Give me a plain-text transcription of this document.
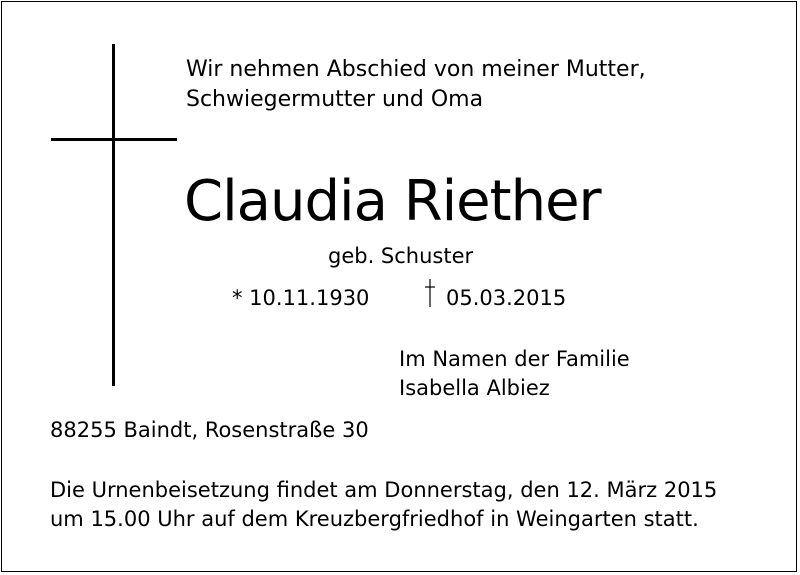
Wir nehmen Abschied von meiner Mutter,
Schwiegermutter und Oma
Claudia Riether
geb. Schuster
* 10.11.1930	05.03.2015
Im Namen der Familie
Isabella Albiez
88255 Baindt, Rosenstraße 30
Die Urnenbeisetzung findet am Donnerstag, den 12. März 2015
um 15.00 Uhr auf dem Kreuzbergfriedhof in Weingarten statt.
